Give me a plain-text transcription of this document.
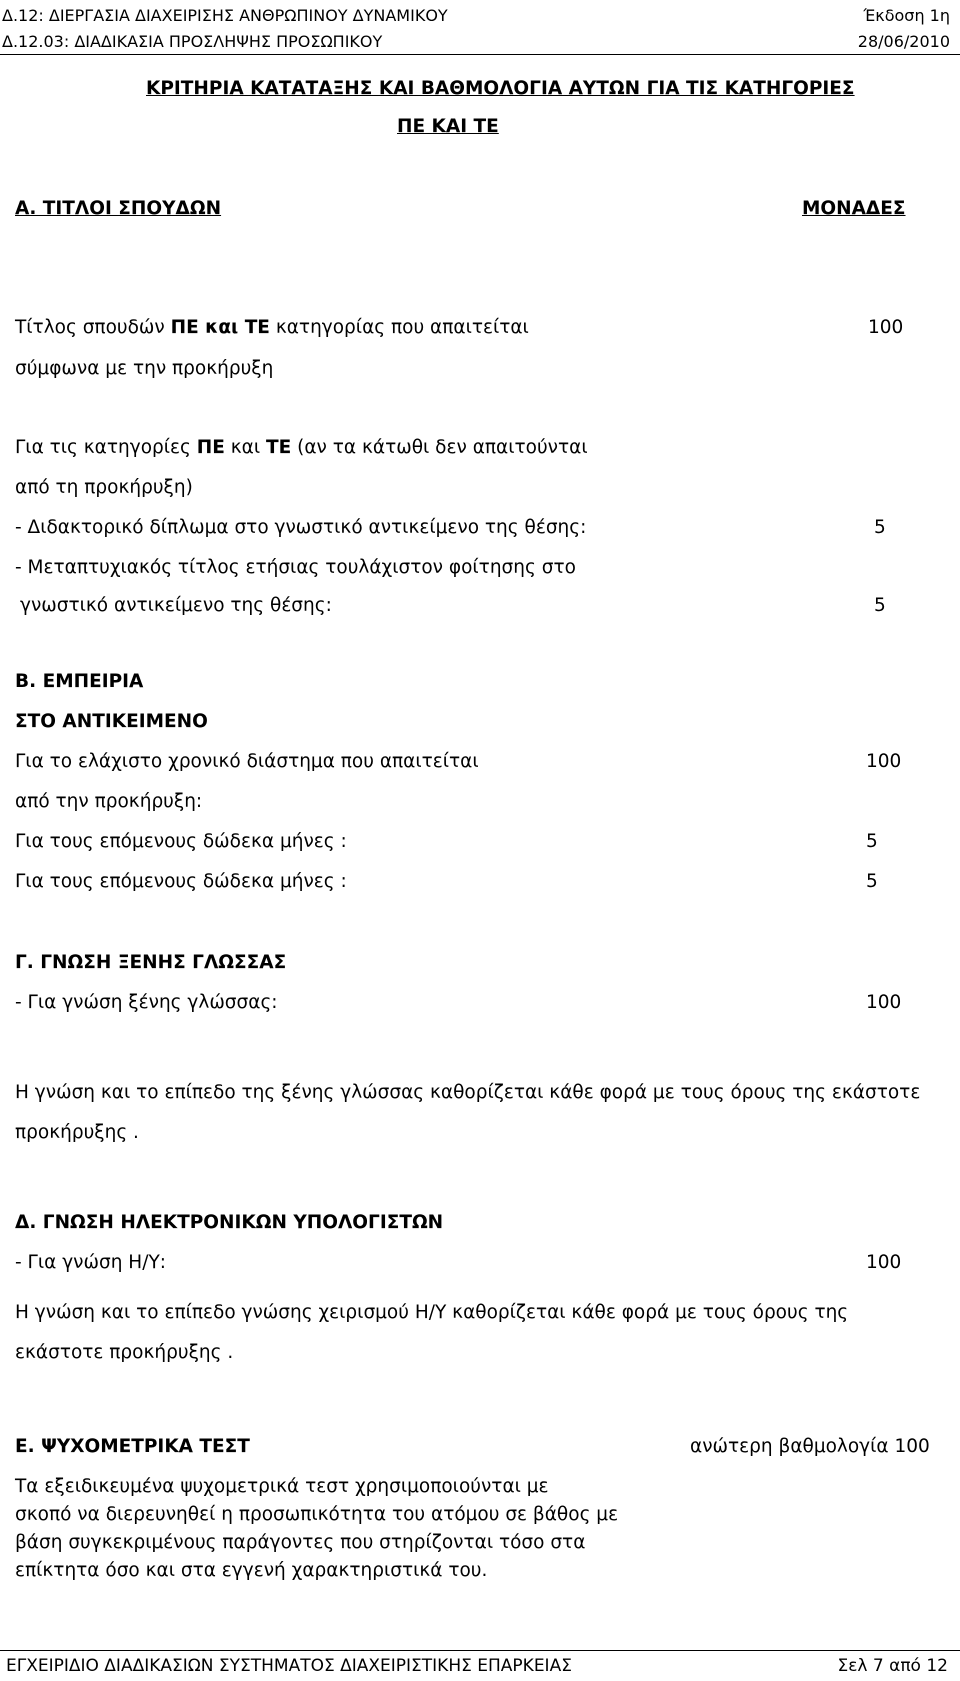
Δ.12: ΔΙΕΡΓΑΣΙΑ ΔΙΑΧΕΙΡΙΣΗΣ ΑΝΘΡΩΠΙΝΟΥ ΔΥΝΑΜΙΚΟΥ	Έκδοση 1η
Δ.12.03: ΔΙΑΔΙΚΑΣΙΑ ΠΡΟΣΛΗΨΗΣ ΠΡΟΣΩΠΙΚΟΥ	28/06/2010
ΚΡΙΤΗΡΙΑ ΚΑΤΑΤΑΞΗΣ ΚΑΙ ΒΑΘΜΟΛΟΓΙΑ ΑΥΤΩΝ ΓΙΑ ΤΙΣ ΚΑΤΗΓΟΡΙΕΣ
ΠΕ ΚΑΙ ΤΕ
Α. ΤΙΤΛΟΙ ΣΠΟΥΔΩΝ	ΜΟΝΑΔΕΣ
Τίτλος σπουδών ΠΕ και ΤΕ κατηγορίας που απαιτείται	100
σύμφωνα με την προκήρυξη
Για τις κατηγορίες ΠΕ και ΤΕ (αν τα κάτωθι δεν απαιτούνται
από τη προκήρυξη)
- Διδακτορικό δίπλωμα στο γνωστικό αντικείμενο της θέσης:	5
- Μεταπτυχιακός τίτλος ετήσιας τουλάχιστον φοίτησης στο
γνωστικό αντικείμενο της θέσης:	5
Β. ΕΜΠΕΙΡΙΑ
ΣΤΟ ΑΝΤΙΚΕΙΜΕΝΟ
Για το ελάχιστο χρονικό διάστημα που απαιτείται	100
από την προκήρυξη:
Για τους επόμενους δώδεκα μήνες :	5
Για τους επόμενους δώδεκα μήνες :	5
Γ. ΓΝΩΣΗ ΞΕΝΗΣ ΓΛΩΣΣΑΣ
- Για γνώση ξένης γλώσσας:	100
Η γνώση και το επίπεδο της ξένης γλώσσας καθορίζεται κάθε φορά με τους όρους της εκάστοτε
προκήρυξης .
Δ. ΓΝΩΣΗ ΗΛΕΚΤΡΟΝΙΚΩΝ ΥΠΟΛΟΓΙΣΤΩΝ
- Για γνώση Η/Υ:	100
Η γνώση και το επίπεδο γνώσης χειρισμού Η/Υ καθορίζεται κάθε φορά με τους όρους της
εκάστοτε προκήρυξης .
Ε. ΨΥΧΟΜΕΤΡΙΚΑ ΤΕΣΤ	ανώτερη βαθμολογία 100
Τα εξειδικευμένα ψυχομετρικά τεστ χρησιμοποιούνται με
σκοπό να διερευνηθεί η προσωπικότητα του ατόμου σε βάθος με
βάση συγκεκριμένους παράγοντες που στηρίζονται τόσο στα
επίκτητα όσο και στα εγγενή χαρακτηριστικά του.
ΕΓΧΕΙΡΙΔΙΟ ΔΙΑΔΙΚΑΣΙΩΝ ΣΥΣΤΗΜΑΤΟΣ ΔΙΑΧΕΙΡΙΣΤΙΚΗΣ ΕΠΑΡΚΕΙΑΣ	Σελ 7 από 12
